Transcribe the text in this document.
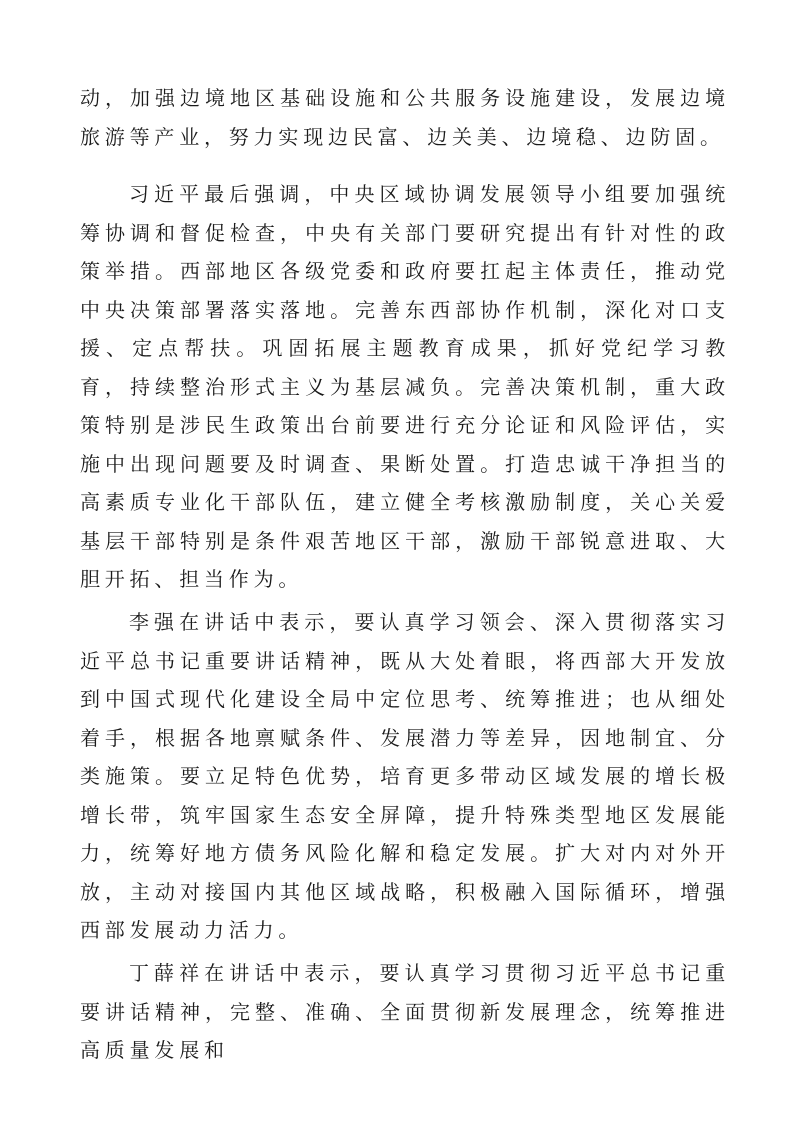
动，加强边境地区基础设施和公共服务设施建设，发展边境旅游等产业，努力实现边民富、边关美、边境稳、边防固。

习近平最后强调，中央区域协调发展领导小组要加强统筹协调和督促检查，中央有关部门要研究提出有针对性的政策举措。西部地区各级党委和政府要扛起主体责任，推动党中央决策部署落实落地。完善东西部协作机制，深化对口支援、定点帮扶。巩固拓展主题教育成果，抓好党纪学习教育，持续整治形式主义为基层减负。完善决策机制，重大政策特别是涉民生政策出台前要进行充分论证和风险评估，实施中出现问题要及时调查、果断处置。打造忠诚干净担当的高素质专业化干部队伍，建立健全考核激励制度，关心关爱基层干部特别是条件艰苦地区干部，激励干部锐意进取、大胆开拓、担当作为。

李强在讲话中表示，要认真学习领会、深入贯彻落实习近平总书记重要讲话精神，既从大处着眼，将西部大开发放到中国式现代化建设全局中定位思考、统筹推进；也从细处着手，根据各地禀赋条件、发展潜力等差异，因地制宜、分类施策。要立足特色优势，培育更多带动区域发展的增长极增长带，筑牢国家生态安全屏障，提升特殊类型地区发展能力，统筹好地方债务风险化解和稳定发展。扩大对内对外开放，主动对接国内其他区域战略，积极融入国际循环，增强西部发展动力活力。

丁薛祥在讲话中表示，要认真学习贯彻习近平总书记重要讲话精神，完整、准确、全面贯彻新发展理念，统筹推进高质量发展和
